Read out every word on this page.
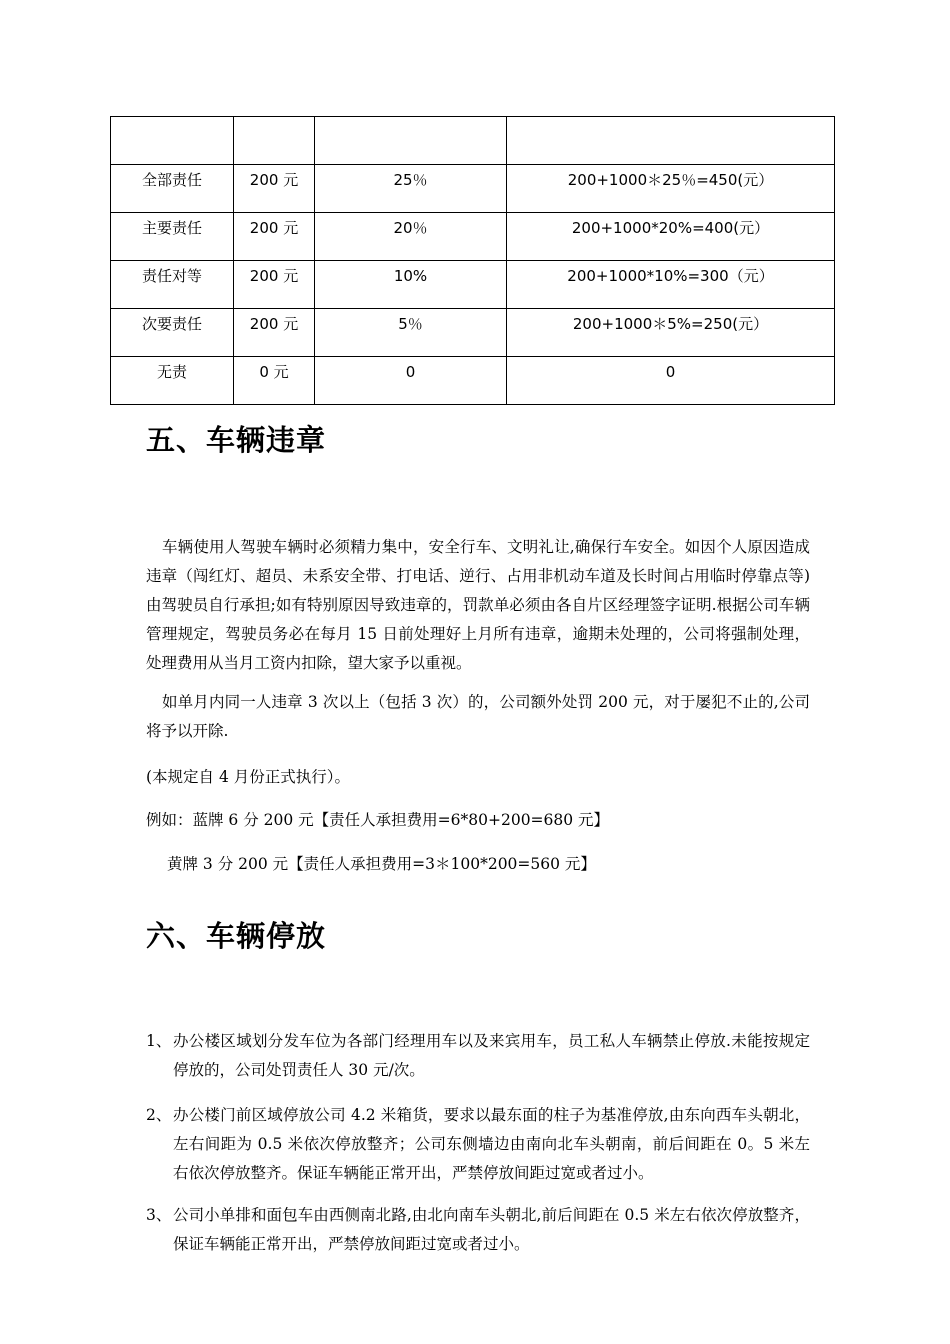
全部责任	200 元	25％	200+1000＊25％=450(元）
主要责任	200 元	20％	200+1000*20%=400(元）
责任对等	200 元	10%	200+1000*10%=300（元）
次要责任	200 元	5％	200+1000＊5%=250(元）
无责	0 元	0	0
五、车辆违章

车辆使用人驾驶车辆时必须精力集中，安全行车、文明礼让,确保行车安全。如因个人原因造成违章（闯红灯、超员、未系安全带、打电话、逆行、占用非机动车道及长时间占用临时停靠点等)由驾驶员自行承担;如有特别原因导致违章的，罚款单必须由各自片区经理签字证明.根据公司车辆管理规定，驾驶员务必在每月 15 日前处理好上月所有违章，逾期未处理的，公司将强制处理，处理费用从当月工资内扣除，望大家予以重视。

如单月内同一人违章 3 次以上（包括 3 次）的，公司额外处罚 200 元，对于屡犯不止的,公司将予以开除.

(本规定自 4 月份正式执行）。

例如：蓝牌 6 分 200 元【责任人承担费用=6*80+200=680 元】

黄牌 3 分 200 元【责任人承担费用=3＊100*200=560 元】

六、车辆停放
1、 办公楼区域划分发车位为各部门经理用车以及来宾用车，员工私人车辆禁止停放.未能按规定停放的，公司处罚责任人 30 元/次。
2、 办公楼门前区域停放公司 4.2 米箱货，要求以最东面的柱子为基准停放,由东向西车头朝北，左右间距为 0.5 米依次停放整齐；公司东侧墙边由南向北车头朝南，前后间距在 0。5 米左右依次停放整齐。保证车辆能正常开出，严禁停放间距过宽或者过小。
3、 公司小单排和面包车由西侧南北路,由北向南车头朝北,前后间距在 0.5 米左右依次停放整齐，保证车辆能正常开出，严禁停放间距过宽或者过小。
